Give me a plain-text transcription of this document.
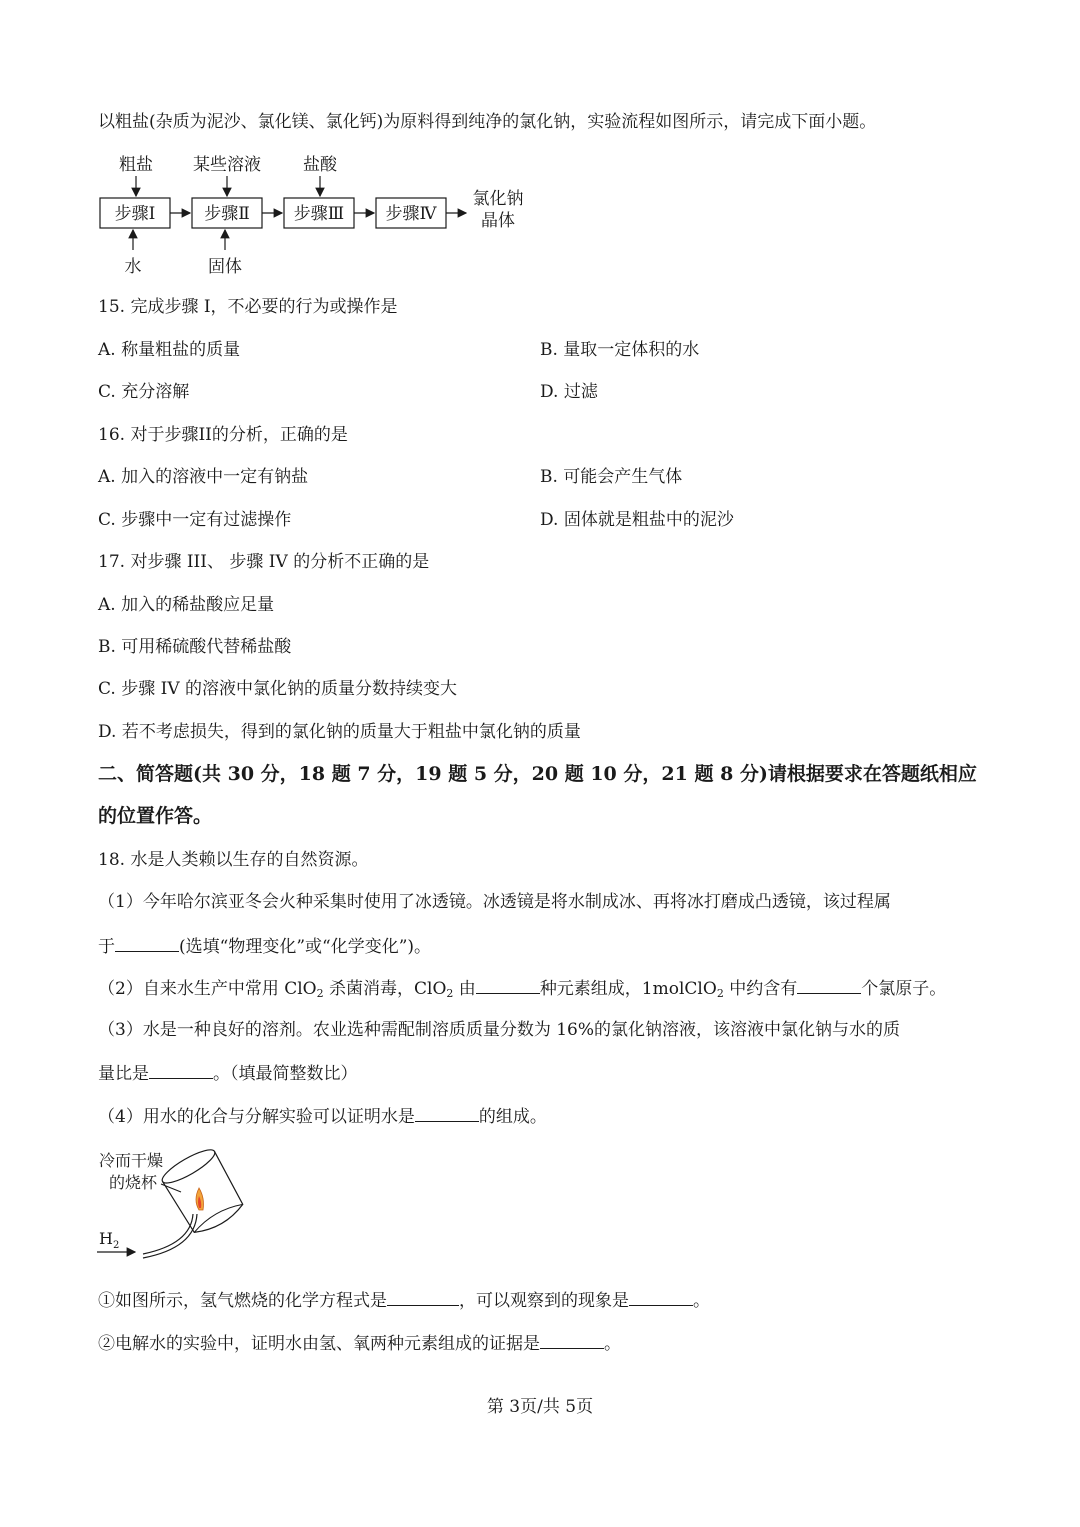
以粗盐(杂质为泥沙、氯化镁、氯化钙)为原料得到纯净的氯化钠，实验流程如图所示，请完成下面小题。
粗盐 某些溶液 盐酸
步骤Ⅰ	步骤Ⅱ	步骤Ⅲ 步骤Ⅳ
氯化钠
晶体
水	固体
15. 完成步骤 I，不必要的行为或操作是
A. 称量粗盐的质量	B. 量取一定体积的水
C. 充分溶解	D. 过滤
16. 对于步骤II的分析，正确的是
A. 加入的溶液中一定有钠盐	B. 可能会产生气体
C. 步骤中一定有过滤操作	D. 固体就是粗盐中的泥沙
17. 对步骤 III、 步骤 IV 的分析不正确的是
A. 加入的稀盐酸应足量
B. 可用稀硫酸代替稀盐酸
C. 步骤 IV 的溶液中氯化钠的质量分数持续变大
D. 若不考虑损失，得到的氯化钠的质量大于粗盐中氯化钠的质量
二、简答题(共 30 分，18 题 7 分，19 题 5 分，20 题 10 分，21 题 8 分)请根据要求在答题纸相应的位置作答。
18. 水是人类赖以生存的自然资源。
（1）今年哈尔滨亚冬会火种采集时使用了冰透镜。冰透镜是将水制成冰、再将冰打磨成凸透镜，该过程属
于	(选填“物理变化”或“化学变化”)。
（2）自来水生产中常用 ClO$_2$ 杀菌消毒，ClO$_2$ 由	种元素组成，1molClO$_2$ 中约含有	个氯原子。
（3）水是一种良好的溶剂。农业选种需配制溶质质量分数为 16%的氯化钠溶液，该溶液中氯化钠与水的质
量比是	。（填最简整数比）
（4）用水的化合与分解实验可以证明水是	的组成。
冷而干燥
的烧杯
$H_2$
①如图所示，氢气燃烧的化学方程式是	，可以观察到的现象是	。
②电解水的实验中，证明水由氢、氧两种元素组成的证据是	。
第 3页/共 5页
